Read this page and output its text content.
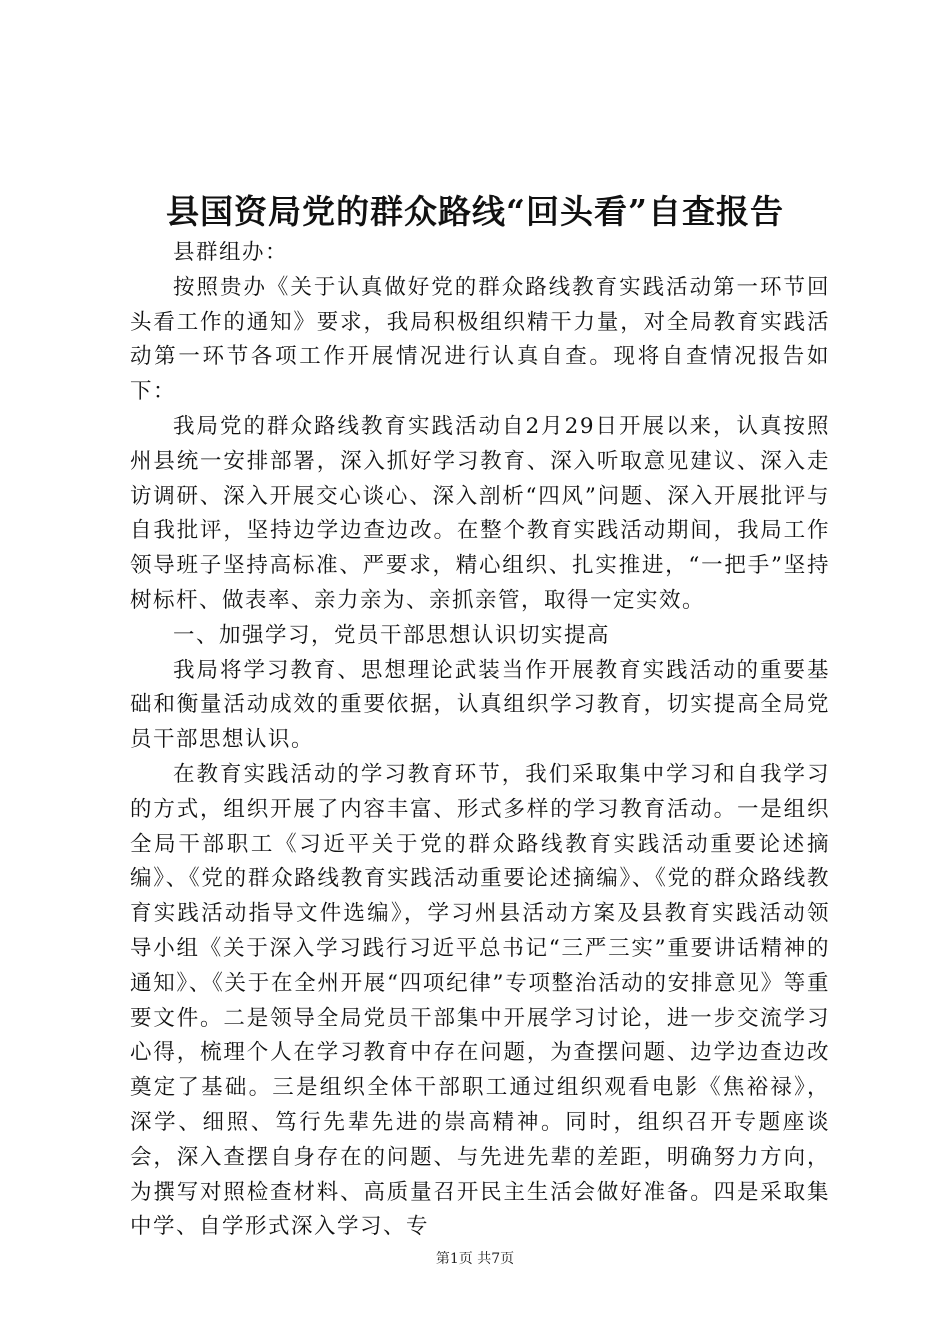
县国资局党的群众路线“回头看”自查报告

县群组办：

按照贵办《关于认真做好党的群众路线教育实践活动第一环节回头看工作的通知》要求，我局积极组织精干力量，对全局教育实践活动第一环节各项工作开展情况进行认真自查。现将自查情况报告如下：

我局党的群众路线教育实践活动自2月29日开展以来，认真按照州县统一安排部署，深入抓好学习教育、深入听取意见建议、深入走访调研、深入开展交心谈心、深入剖析“四风”问题、深入开展批评与自我批评，坚持边学边查边改。在整个教育实践活动期间，我局工作领导班子坚持高标准、严要求，精心组织、扎实推进，“一把手”坚持树标杆、做表率、亲力亲为、亲抓亲管，取得一定实效。

一、加强学习，党员干部思想认识切实提高

我局将学习教育、思想理论武装当作开展教育实践活动的重要基础和衡量活动成效的重要依据，认真组织学习教育，切实提高全局党员干部思想认识。

在教育实践活动的学习教育环节，我们采取集中学习和自我学习的方式，组织开展了内容丰富、形式多样的学习教育活动。一是组织全局干部职工《习近平关于党的群众路线教育实践活动重要论述摘编》、《党的群众路线教育实践活动重要论述摘编》、《党的群众路线教育实践活动指导文件选编》，学习州县活动方案及县教育实践活动领导小组《关于深入学习践行习近平总书记“三严三实”重要讲话精神的通知》、《关于在全州开展“四项纪律”专项整治活动的安排意见》等重要文件。二是领导全局党员干部集中开展学习讨论，进一步交流学习心得，梳理个人在学习教育中存在问题，为查摆问题、边学边查边改奠定了基础。三是组织全体干部职工通过组织观看电影《焦裕禄》，深学、细照、笃行先辈先进的崇高精神。同时，组织召开专题座谈会，深入查摆自身存在的问题、与先进先辈的差距，明确努力方向，为撰写对照检查材料、高质量召开民主生活会做好准备。四是采取集中学、自学形式深入学习、专

第1页 共7页
